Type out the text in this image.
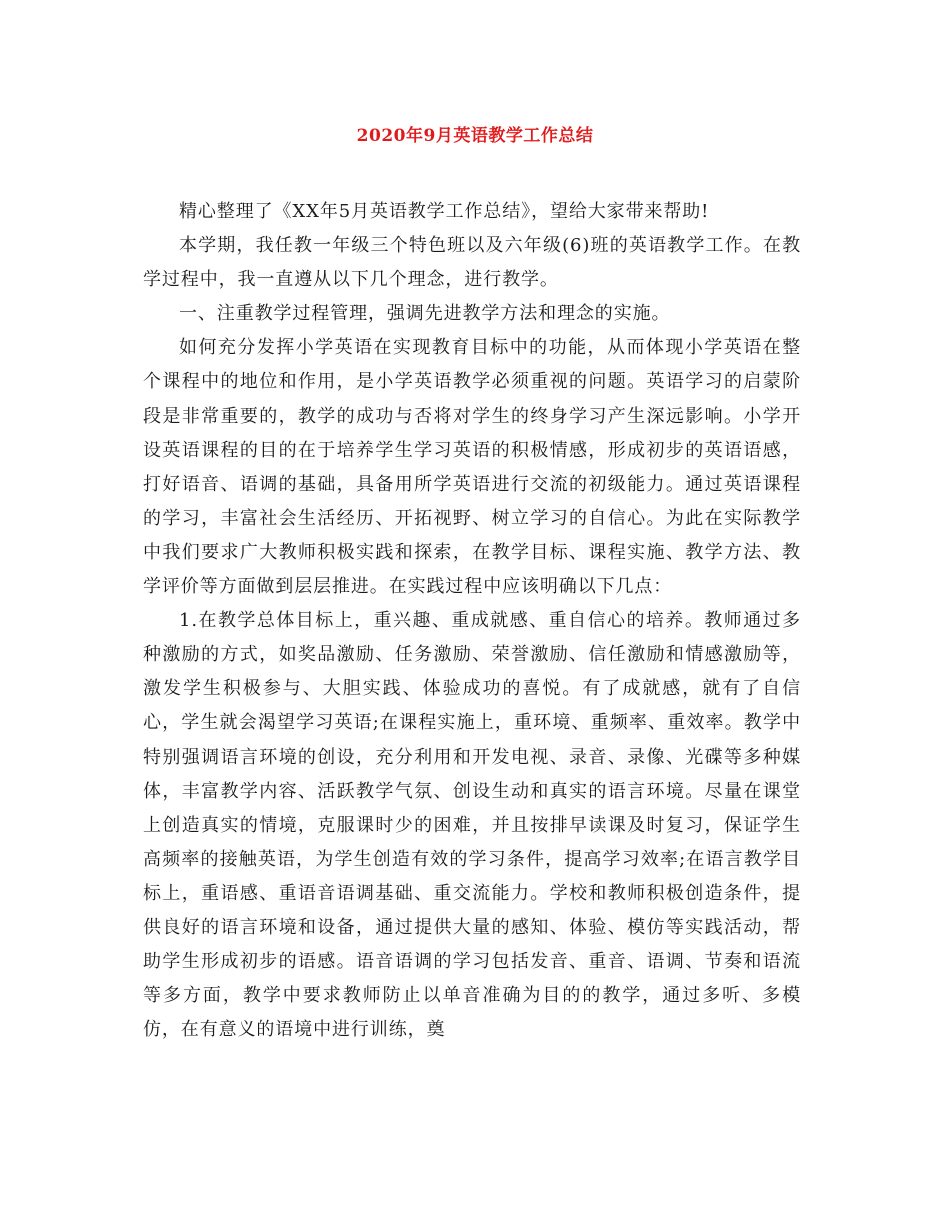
2020年9月英语教学工作总结

精心整理了《XX年5月英语教学工作总结》，望给大家带来帮助!

本学期，我任教一年级三个特色班以及六年级(6)班的英语教学工作。在教学过程中，我一直遵从以下几个理念，进行教学。

一、注重教学过程管理，强调先进教学方法和理念的实施。

如何充分发挥小学英语在实现教育目标中的功能，从而体现小学英语在整个课程中的地位和作用，是小学英语教学必须重视的问题。英语学习的启蒙阶段是非常重要的，教学的成功与否将对学生的终身学习产生深远影响。小学开设英语课程的目的在于培养学生学习英语的积极情感，形成初步的英语语感，打好语音、语调的基础，具备用所学英语进行交流的初级能力。通过英语课程的学习，丰富社会生活经历、开拓视野、树立学习的自信心。为此在实际教学中我们要求广大教师积极实践和探索，在教学目标、课程实施、教学方法、教学评价等方面做到层层推进。在实践过程中应该明确以下几点：

1.在教学总体目标上，重兴趣、重成就感、重自信心的培养。教师通过多种激励的方式，如奖品激励、任务激励、荣誉激励、信任激励和情感激励等，激发学生积极参与、大胆实践、体验成功的喜悦。有了成就感，就有了自信心，学生就会渴望学习英语;在课程实施上，重环境、重频率、重效率。教学中特别强调语言环境的创设，充分利用和开发电视、录音、录像、光碟等多种媒体，丰富教学内容、活跃教学气氛、创设生动和真实的语言环境。尽量在课堂上创造真实的情境，克服课时少的困难，并且按排早读课及时复习，保证学生高频率的接触英语，为学生创造有效的学习条件，提高学习效率;在语言教学目标上，重语感、重语音语调基础、重交流能力。学校和教师积极创造条件，提供良好的语言环境和设备，通过提供大量的感知、体验、模仿等实践活动，帮助学生形成初步的语感。语音语调的学习包括发音、重音、语调、节奏和语流等多方面，教学中要求教师防止以单音准确为目的的教学，通过多听、多模仿，在有意义的语境中进行训练，奠
